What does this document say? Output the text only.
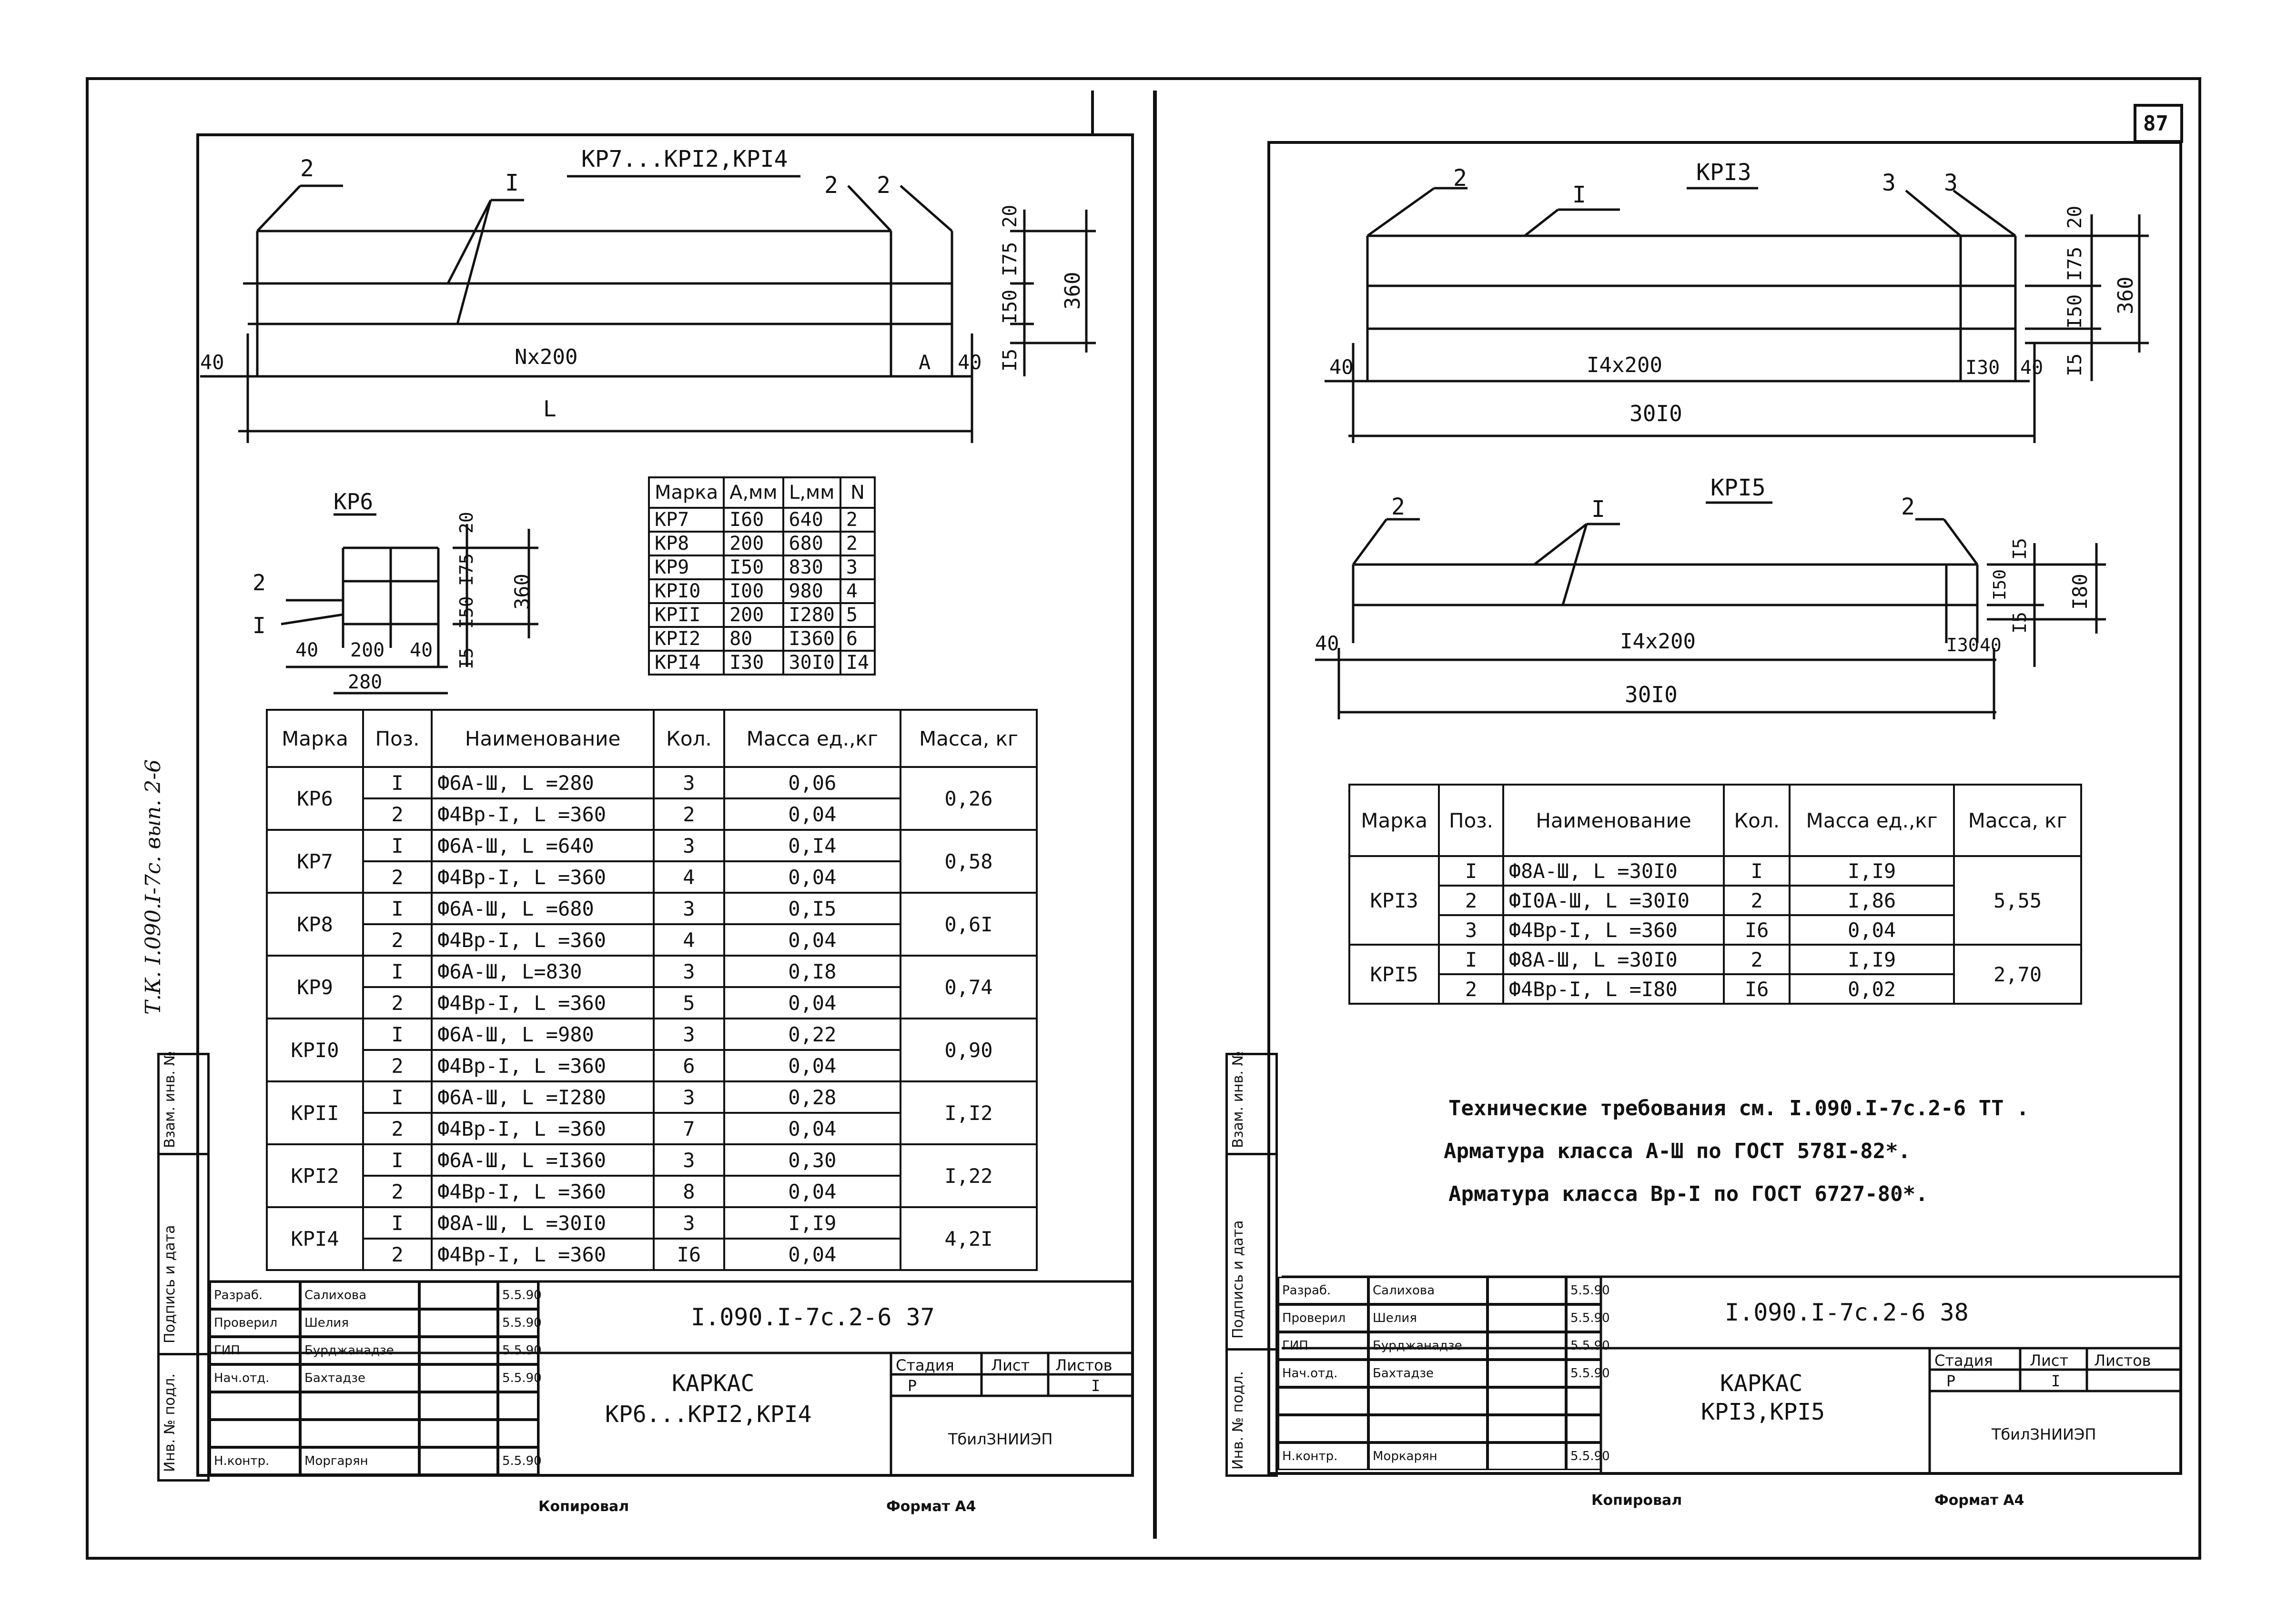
87
КР7...КРI2,КРI4
2
I	2 2
40	Nx200	A 40
L
20
I75
I50
I5
360
КР6
2
I
40 200 40
280
20
I75
I50
I5
360
Марка	А,мм	L,мм	N
КР7	I60	640	2
КР8	200	680	2
КР9	I50	830	3
КРI0	I00	980	4
КРII	200	I280	5
КРI2	80	I360	6
КРI4	I30	30I0	I4
Марка	Поз.	Наименование	Кол.	Масса ед.,кг	Масса, кг
КР6	I	Ф6А-Ш, L =280	3	0,06	0,26
	2	Ф4Вр-I, L =360	2	0,04	
КР7	I	Ф6А-Ш, L =640	3	0,I4	0,58
	2	Ф4Вр-I, L =360	4	0,04	
КР8	I	Ф6А-Ш, L =680	3	0,I5	0,6I
	2	Ф4Вр-I, L =360	4	0,04	
КР9	I	Ф6А-Ш, L=830	3	0,I8	0,74
	2	Ф4Вр-I, L =360	5	0,04	
КРI0	I	Ф6А-Ш, L =980	3	0,22	0,90
	2	Ф4Вр-I, L =360	6	0,04	
КРII	I	Ф6А-Ш, L =I280	3	0,28	I,I2
	2	Ф4Вр-I, L =360	7	0,04	
КРI2	I	Ф6А-Ш, L =I360	3	0,30	I,22
	2	Ф4Вр-I, L =360	8	0,04	
КРI4	I	Ф8А-Ш, L =30I0	3	I,I9	4,2I
	2	Ф4Вр-I, L =360	I6	0,04	
Инв. № подл.
Подпись и дата
Взам. инв. №
Т.К. I.090.I-7с. вып. 2-6
Разраб.	Салихова	5.5.90
Проверил	Шелия	5.5.90
ГИП	Бурджанадзе	5.5.90
Нач.отд.	Бахтадзе	5.5.90
Н.контр.	Моргарян	5.5.90
I.090.I-7с.2-6 37
КАРКАС
КР6...КРI2,КРI4
Стадия Лист Листов
Р	I
ТбилЗНИИЭП
Копировал	Формат А4
КРI3
2
I	3 3
40	I4x200	I30 40
30I0
20
I75
I50
I5
360
КРI5
2	I	2
40	I4x200	I30 40
30I0
I5
I50
I5
I80
Марка	Поз.	Наименование	Кол.	Масса ед.,кг	Масса, кг
КРI3	I	Ф8А-Ш, L =30I0	I	I,I9	5,55
	2	ФI0А-Ш, L =30I0	2	I,86	
	3	Ф4Вр-I, L =360	I6	0,04	
КРI5	I	Ф8А-Ш, L =30I0	2	I,I9	2,70
	2	Ф4Вр-I, L =I80	I6	0,02	
Технические требования см. I.090.I-7с.2-6 ТТ .
Арматура класса А-Ш по ГОСТ 578I-82*.
Арматура класса Вр-I по ГОСТ 6727-80*.
Инв. № подл.
Подпись и дата
Взам. инв. №
Разраб.	Салихова	5.5.90
Проверил	Шелия	5.5.90
ГИП	Бурджанадзе	5.5.90
Нач.отд.	Бахтадзе	5.5.90
Н.контр.	Моркарян	5.5.90
I.090.I-7с.2-6 38
КАРКАС
КРI3,КРI5
Стадия Лист Листов
Р	I
ТбилЗНИИЭП
Копировал	Формат А4
